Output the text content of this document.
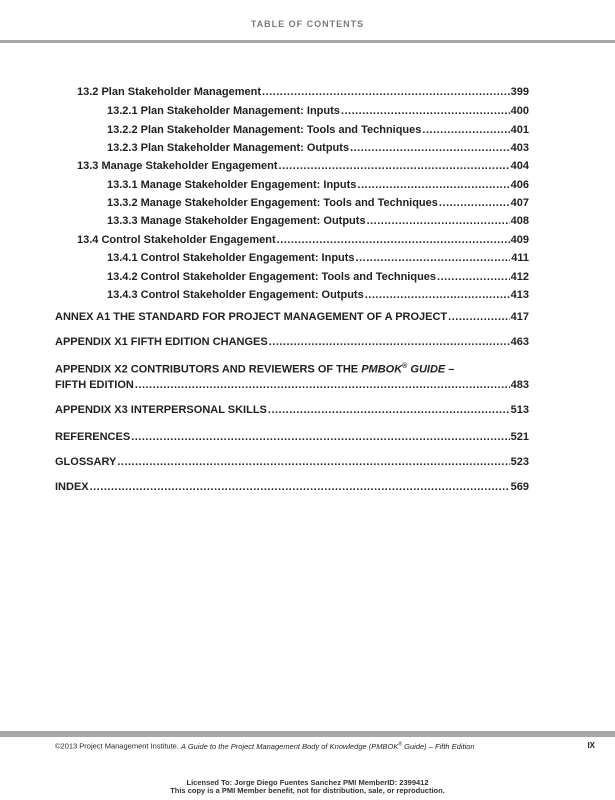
TABLE OF CONTENTS
13.2 Plan Stakeholder Management .....	399
13.2.1 Plan Stakeholder Management: Inputs .....	400
13.2.2 Plan Stakeholder Management: Tools and Techniques .....	401
13.2.3 Plan Stakeholder Management: Outputs .....	403
13.3 Manage Stakeholder Engagement .....	404
13.3.1 Manage Stakeholder Engagement: Inputs .....	406
13.3.2 Manage Stakeholder Engagement: Tools and Techniques .....	407
13.3.3 Manage Stakeholder Engagement: Outputs .....	408
13.4 Control Stakeholder Engagement .....	409
13.4.1 Control Stakeholder Engagement: Inputs .....	411
13.4.2 Control Stakeholder Engagement: Tools and Techniques .....	412
13.4.3 Control Stakeholder Engagement: Outputs .....	413
ANNEX A1 THE STANDARD FOR PROJECT MANAGEMENT OF A PROJECT .....	417
APPENDIX X1 FIFTH EDITION CHANGES .....	463
APPENDIX X2 CONTRIBUTORS AND REVIEWERS OF THE PMBOK® GUIDE –
FIFTH EDITION .....	483
APPENDIX X3 INTERPERSONAL SKILLS .....	513
REFERENCES .....	521
GLOSSARY .....	523
INDEX .....	569
©2013 Project Management Institute. A Guide to the Project Management Body of Knowledge (PMBOK® Guide) – Fifth Edition	IX
Licensed To: Jorge Diego Fuentes Sanchez PMI MemberID: 2399412
This copy is a PMI Member benefit, not for distribution, sale, or reproduction.
